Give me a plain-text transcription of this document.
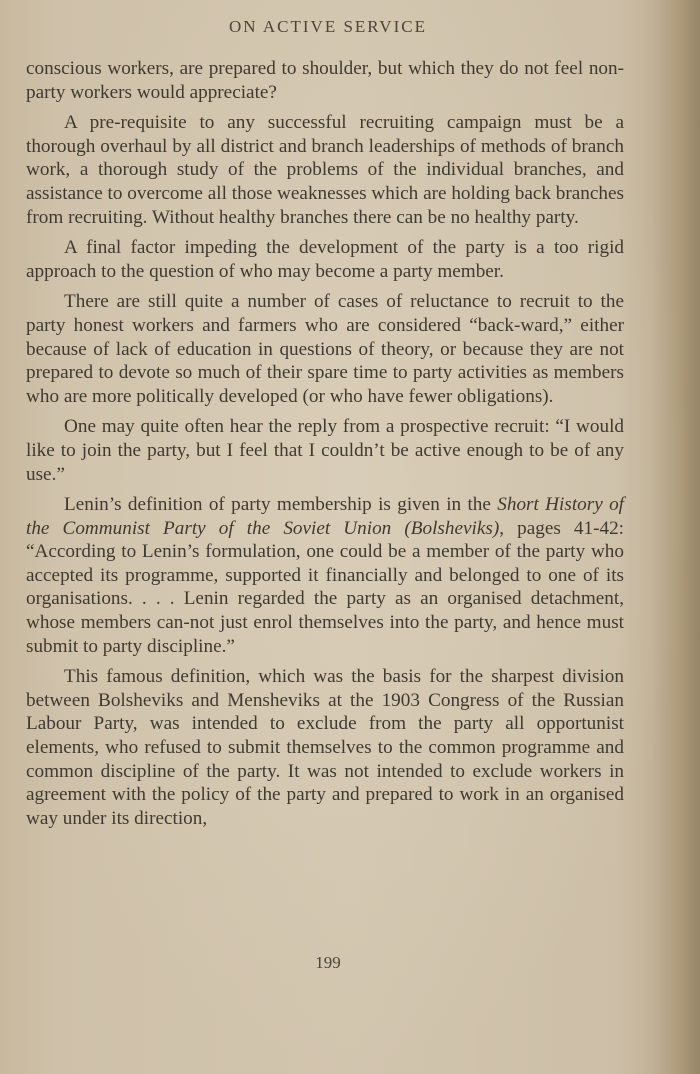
ON ACTIVE SERVICE

conscious workers, are prepared to shoulder, but which they do not feel non-party workers would appreciate?

A pre-requisite to any successful recruiting campaign must be a thorough overhaul by all district and branch leaderships of methods of branch work, a thorough study of the problems of the individual branches, and assistance to overcome all those weaknesses which are holding back branches from recruiting. Without healthy branches there can be no healthy party.

A final factor impeding the development of the party is a too rigid approach to the question of who may become a party member.

There are still quite a number of cases of reluctance to recruit to the party honest workers and farmers who are considered “back-ward,” either because of lack of education in questions of theory, or because they are not prepared to devote so much of their spare time to party activities as members who are more politically developed (or who have fewer obligations).

One may quite often hear the reply from a prospective recruit: “I would like to join the party, but I feel that I couldn’t be active enough to be of any use.”

Lenin’s definition of party membership is given in the Short History of the Communist Party of the Soviet Union (Bolsheviks), pages 41-42: “According to Lenin’s formulation, one could be a member of the party who accepted its programme, supported it financially and belonged to one of its organisations. . . . Lenin regarded the party as an organised detachment, whose members can-not just enrol themselves into the party, and hence must submit to party discipline.”

This famous definition, which was the basis for the sharpest division between Bolsheviks and Mensheviks at the 1903 Congress of the Russian Labour Party, was intended to exclude from the party all opportunist elements, who refused to submit themselves to the common programme and common discipline of the party. It was not intended to exclude workers in agreement with the policy of the party and prepared to work in an organised way under its direction,

199
